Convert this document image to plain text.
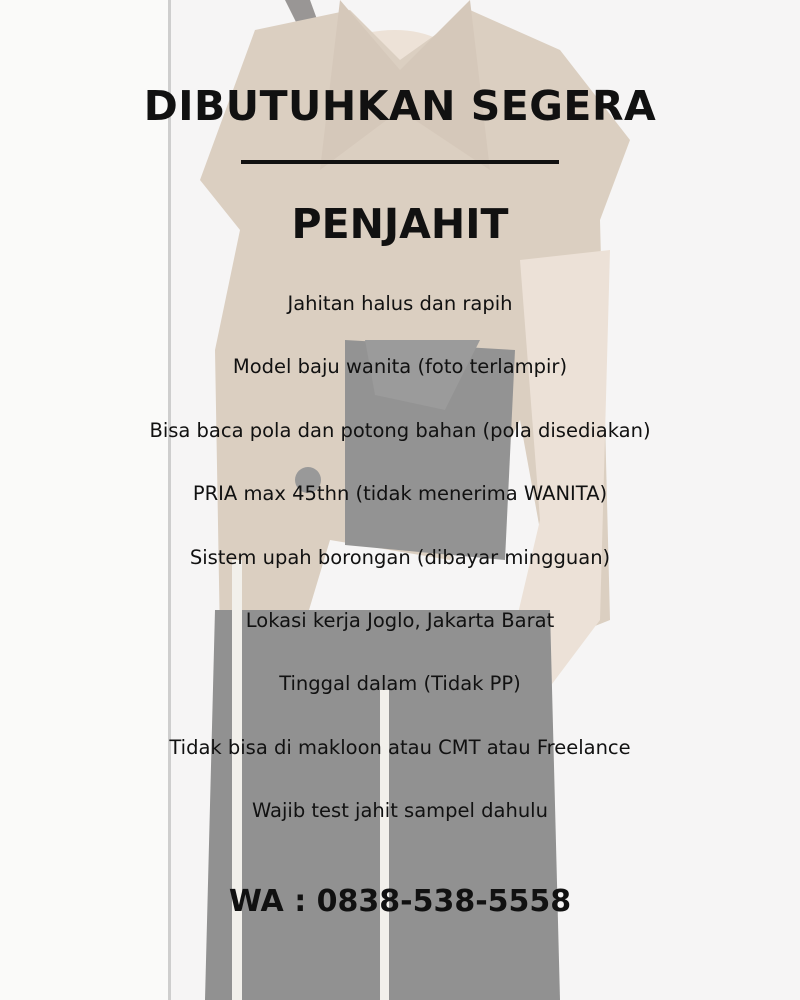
DIBUTUHKAN SEGERA
PENJAHIT
Jahitan halus dan rapih
Model baju wanita (foto terlampir)
Bisa baca pola dan potong bahan (pola disediakan)
PRIA max 45thn (tidak menerima WANITA)
Sistem upah borongan (dibayar mingguan)
Lokasi kerja Joglo, Jakarta Barat
Tinggal dalam (Tidak PP)
Tidak bisa di makloon atau CMT atau Freelance
Wajib test jahit sampel dahulu
WA : 0838-538-5558
